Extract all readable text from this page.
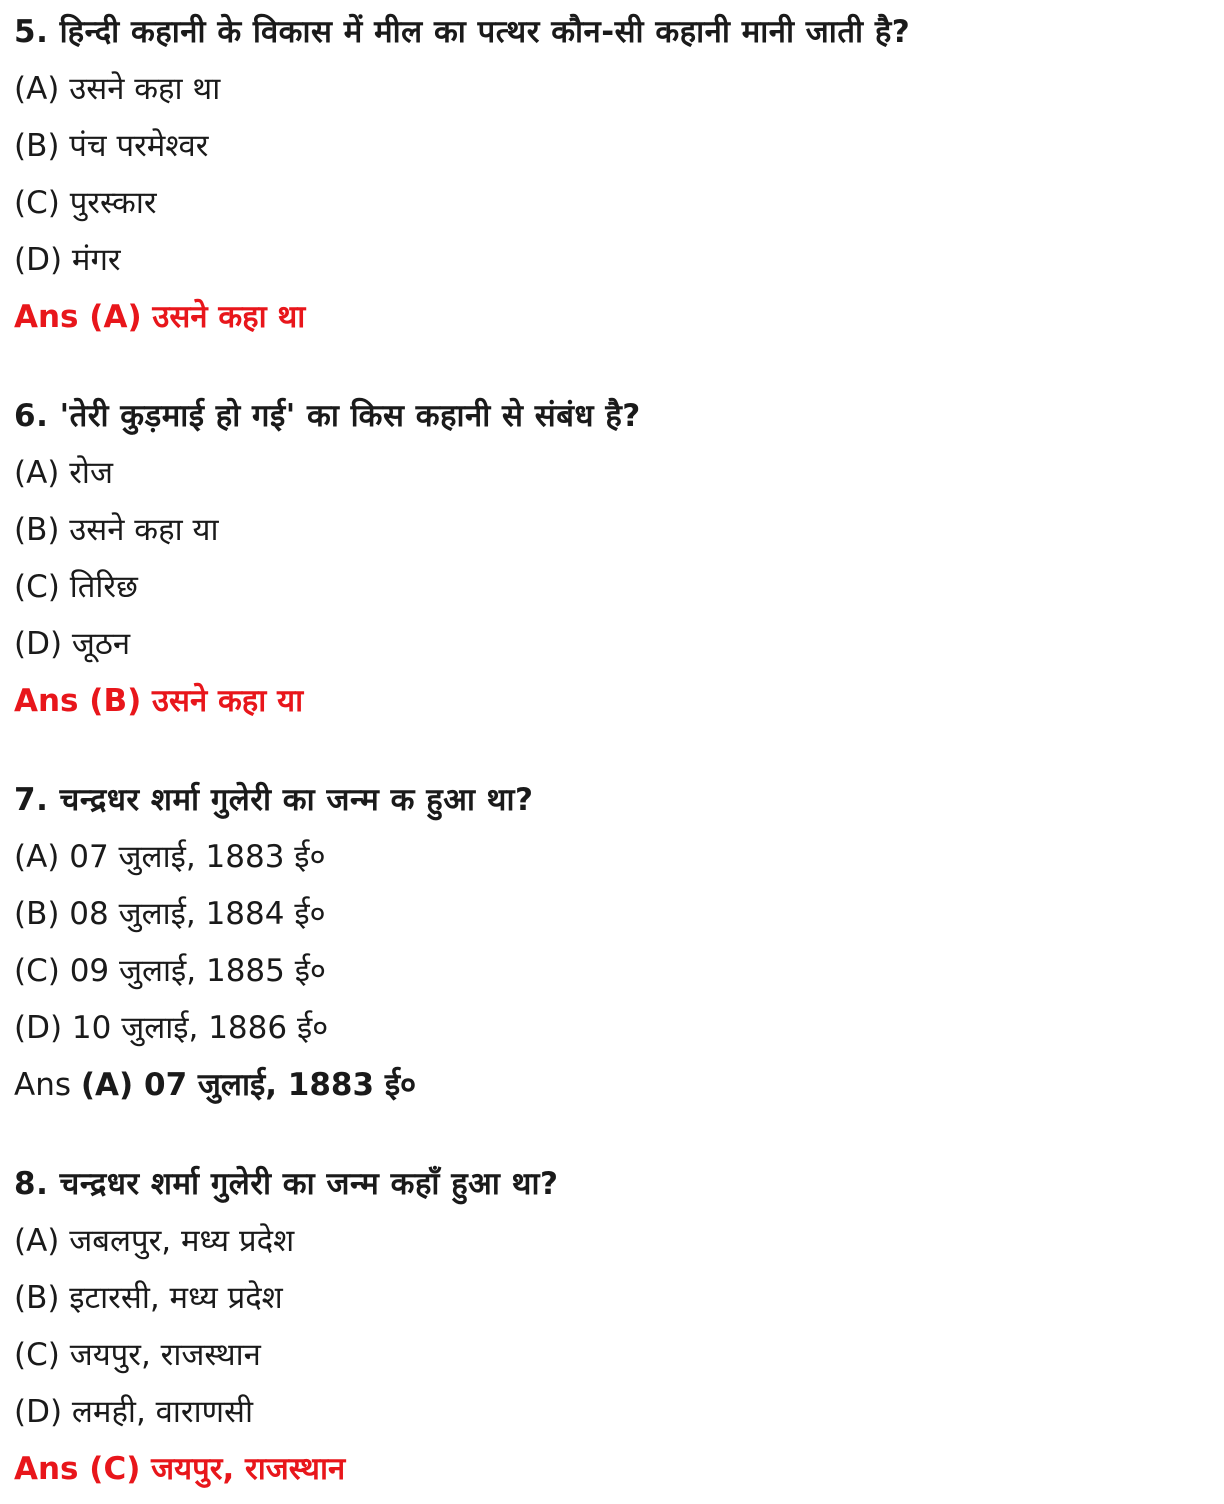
5. हिन्दी कहानी के विकास में मील का पत्थर कौन-सी कहानी मानी जाती है?
(A) उसने कहा था
(B) पंच परमेश्वर
(C) पुरस्कार
(D) मंगर
Ans (A) उसने कहा था
6. 'तेरी कुड़माई हो गई' का किस कहानी से संबंध है?
(A) रोज
(B) उसने कहा या
(C) तिरिछ
(D) जूठन
Ans (B) उसने कहा या
7. चन्द्रधर शर्मा गुलेरी का जन्म क हुआ था?
(A) 07 जुलाई, 1883 ई०
(B) 08 जुलाई, 1884 ई०
(C) 09 जुलाई, 1885 ई०
(D) 10 जुलाई, 1886 ई०
Ans (A) 07 जुलाई, 1883 ई०
8. चन्द्रधर शर्मा गुलेरी का जन्म कहाँ हुआ था?
(A) जबलपुर, मध्य प्रदेश
(B) इटारसी, मध्य प्रदेश
(C) जयपुर, राजस्थान
(D) लमही, वाराणसी
Ans (C) जयपुर, राजस्थान
